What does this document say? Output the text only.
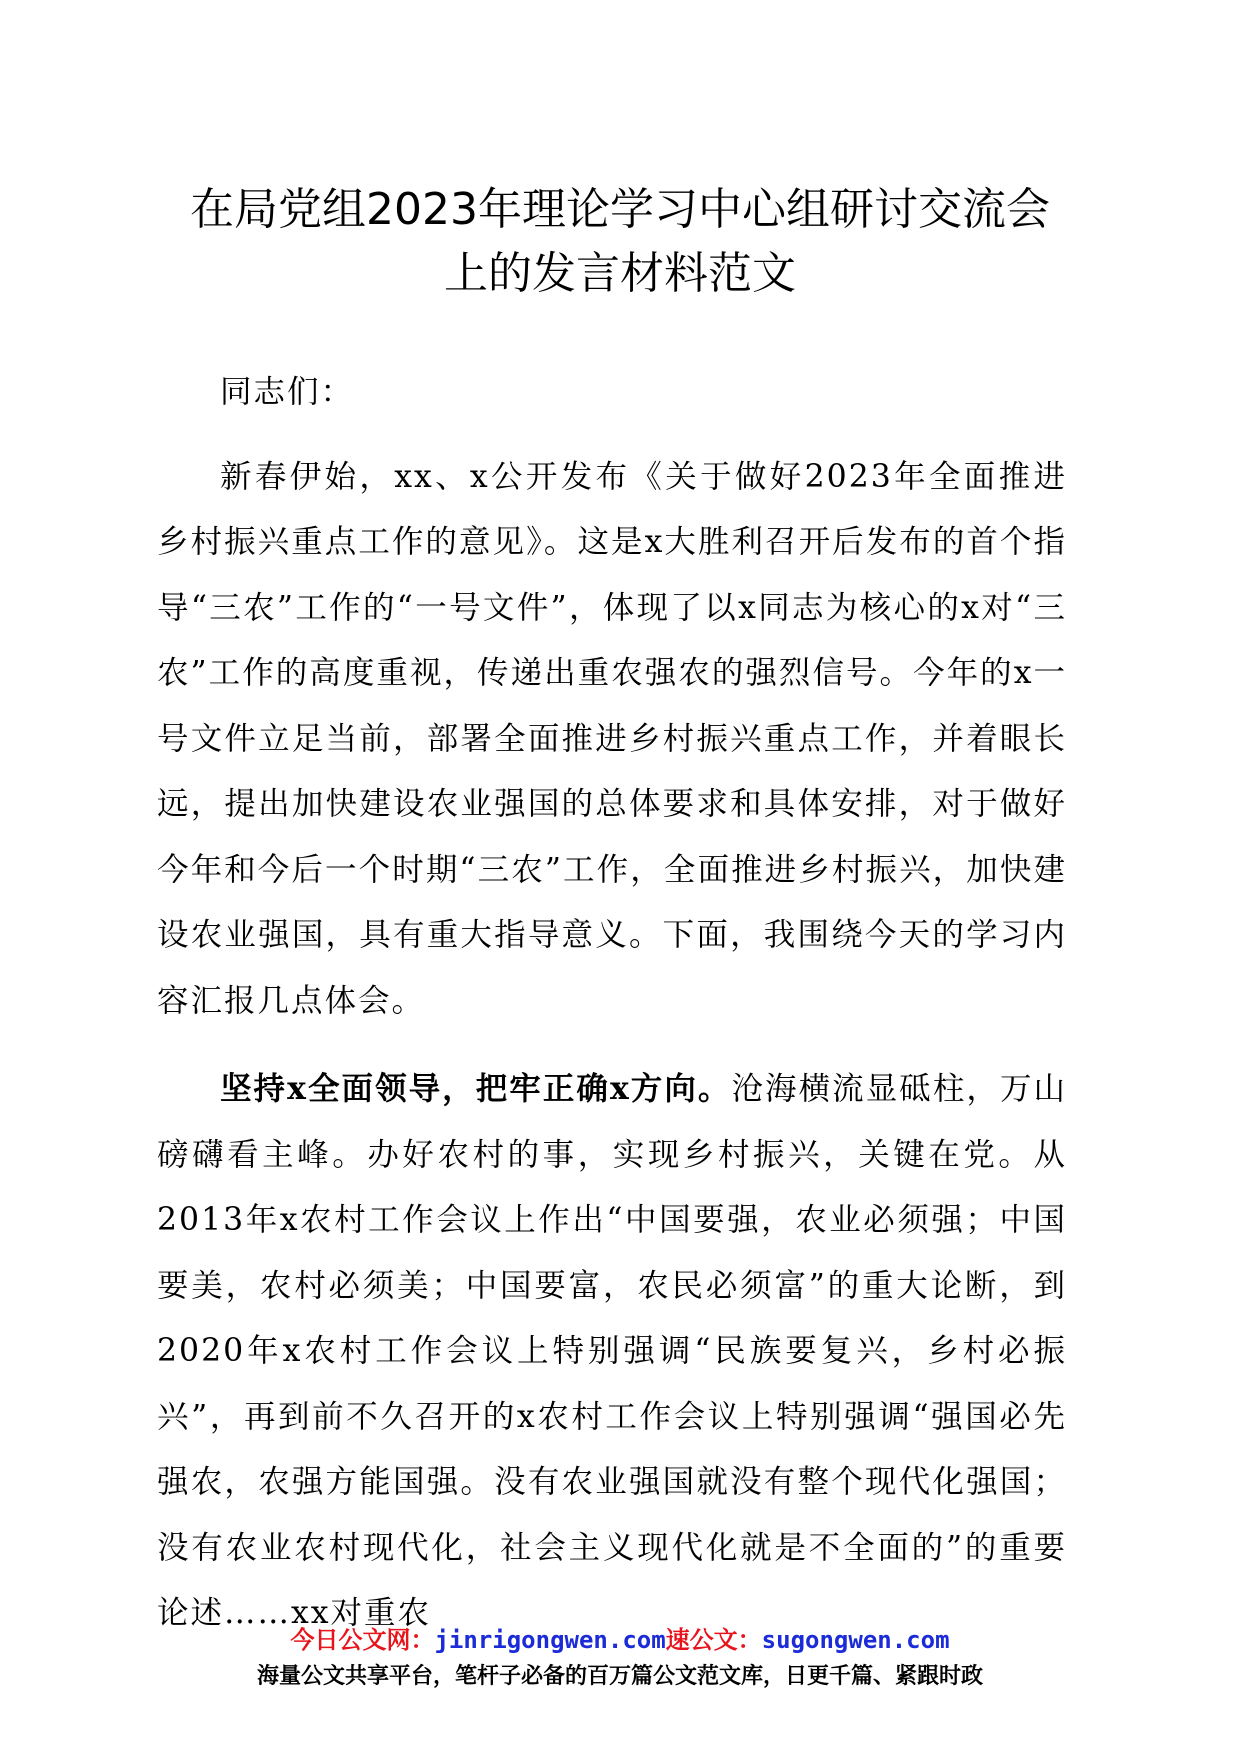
在局党组2023年理论学习中心组研讨交流会
上的发言材料范文

同志们：

新春伊始，xx、x公开发布《关于做好2023年全面推进乡村振兴重点工作的意见》。这是x大胜利召开后发布的首个指导“三农”工作的“一号文件”，体现了以x同志为核心的x对“三农”工作的高度重视，传递出重农强农的强烈信号。今年的x一号文件立足当前，部署全面推进乡村振兴重点工作，并着眼长远，提出加快建设农业强国的总体要求和具体安排，对于做好今年和今后一个时期“三农”工作，全面推进乡村振兴，加快建设农业强国，具有重大指导意义。下面，我围绕今天的学习内容汇报几点体会。

坚持x全面领导，把牢正确x方向。沧海横流显砥柱，万山磅礴看主峰。办好农村的事，实现乡村振兴，关键在党。从2013年x农村工作会议上作出“中国要强，农业必须强；中国要美，农村必须美；中国要富，农民必须富”的重大论断，到2020年x农村工作会议上特别强调“民族要复兴，乡村必振兴”，再到前不久召开的x农村工作会议上特别强调“强国必先强农，农强方能国强。没有农业强国就没有整个现代化强国；没有农业农村现代化，社会主义现代化就是不全面的”的重要论述……xx对重农

今日公文网：jinrigongwen.com速公文：sugongwen.com
海量公文共享平台，笔杆子必备的百万篇公文范文库，日更千篇、紧跟时政
